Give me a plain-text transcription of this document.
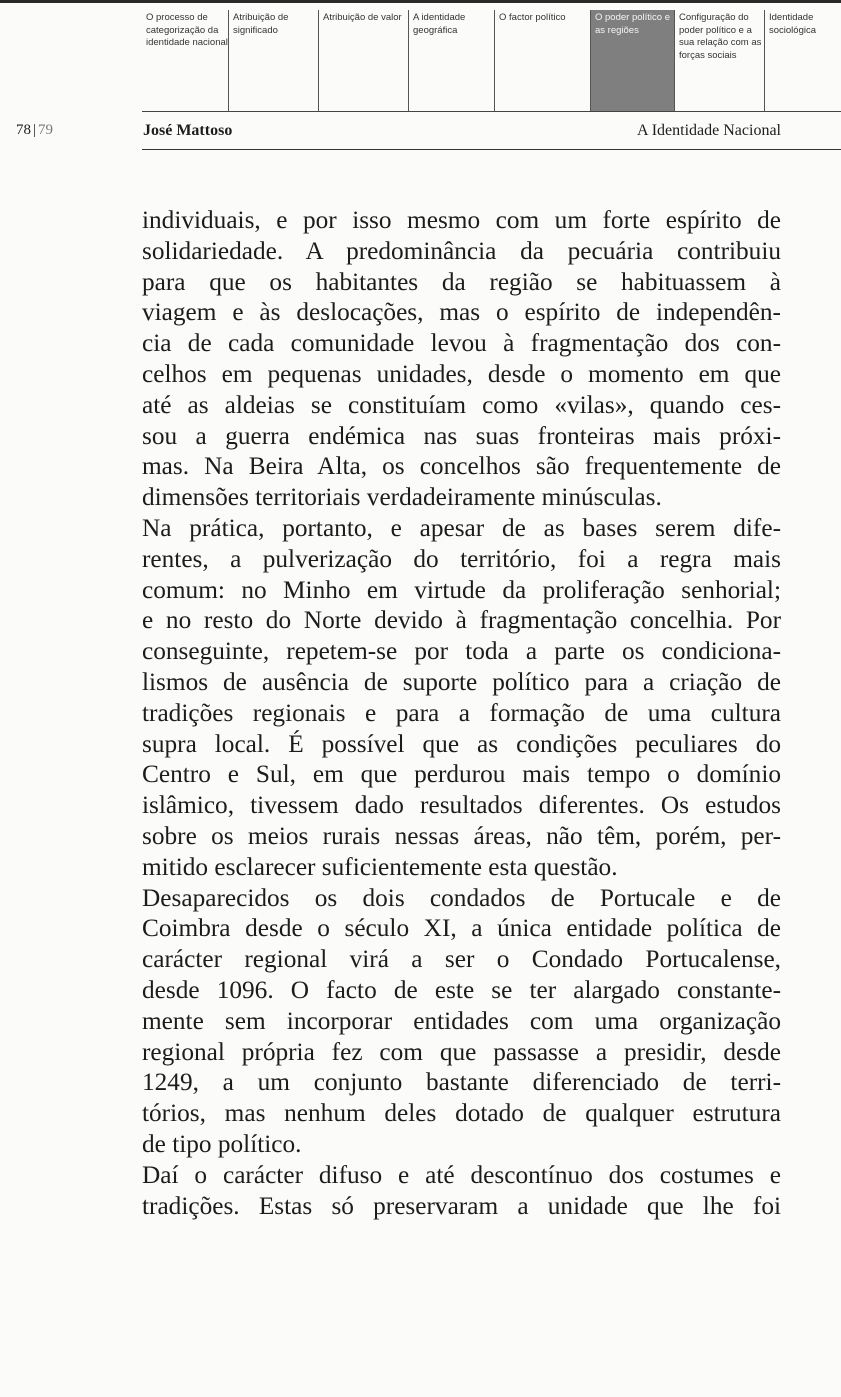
O processo de categorização da identidade nacional
Atribuição de significado
Atribuição de valor	A identidade geográfica
O factor político	O poder político e as regiões
Configuração do poder político e a sua relação com as forças sociais
Identidade sociológica
78 | 79	José Mattoso	A Identidade Nacional

individuais, e por isso mesmo com um forte espírito de
solidariedade. A predominância da pecuária contribuiu
para que os habitantes da região se habituassem à
viagem e às deslocações, mas o espírito de independên-
cia de cada comunidade levou à fragmentação dos con-
celhos em pequenas unidades, desde o momento em que
até as aldeias se constituíam como «vilas», quando ces-
sou a guerra endémica nas suas fronteiras mais próxi-
mas. Na Beira Alta, os concelhos são frequentemente de
dimensões territoriais verdadeiramente minúsculas.

Na prática, portanto, e apesar de as bases serem dife-
rentes, a pulverização do território, foi a regra mais
comum: no Minho em virtude da proliferação senhorial;
e no resto do Norte devido à fragmentação concelhia. Por
conseguinte, repetem-se por toda a parte os condiciona-
lismos de ausência de suporte político para a criação de
tradições regionais e para a formação de uma cultura
supra local. É possível que as condições peculiares do
Centro e Sul, em que perdurou mais tempo o domínio
islâmico, tivessem dado resultados diferentes. Os estudos
sobre os meios rurais nessas áreas, não têm, porém, per-
mitido esclarecer suficientemente esta questão.

Desaparecidos os dois condados de Portucale e de
Coimbra desde o século XI, a única entidade política de
carácter regional virá a ser o Condado Portucalense,
desde 1096. O facto de este se ter alargado constante-
mente sem incorporar entidades com uma organização
regional própria fez com que passasse a presidir, desde
1249, a um conjunto bastante diferenciado de terri-
tórios, mas nenhum deles dotado de qualquer estrutura
de tipo político.

Daí o carácter difuso e até descontínuo dos costumes e
tradições. Estas só preservaram a unidade que lhe foi
